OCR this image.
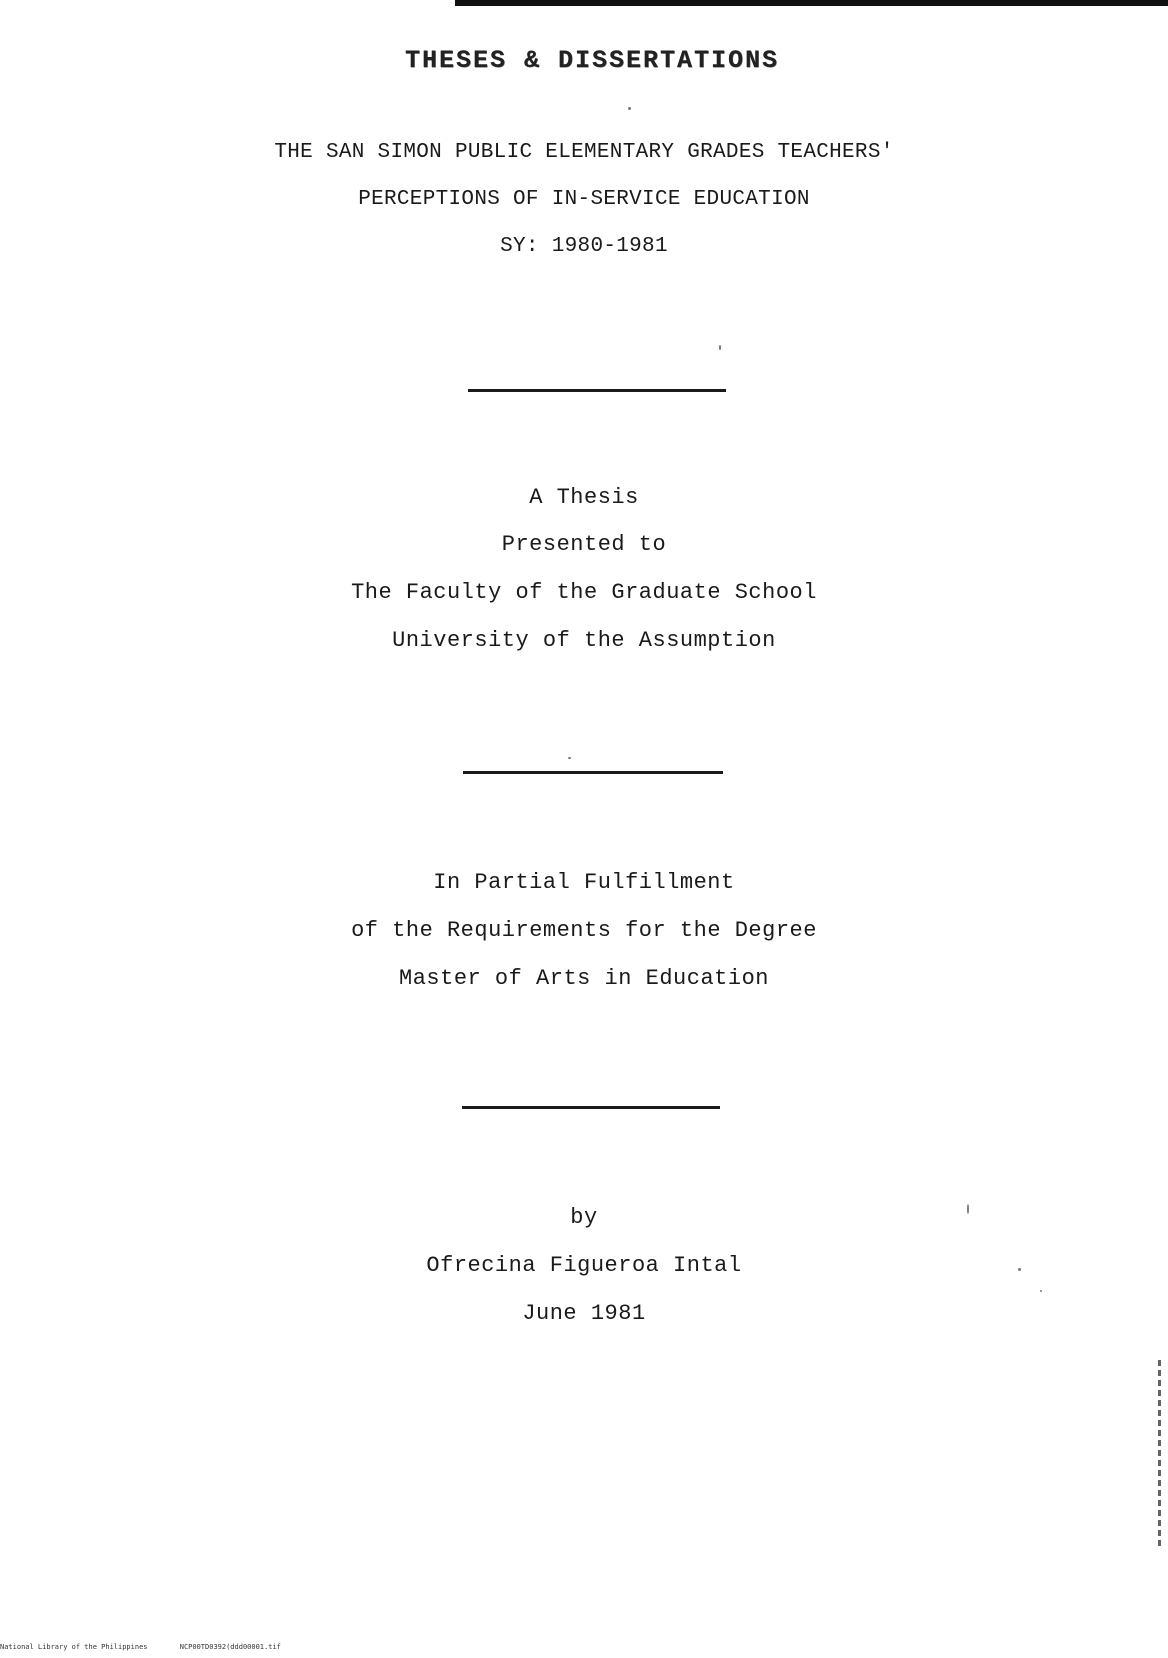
THESES & DISSERTATIONS
THE SAN SIMON PUBLIC ELEMENTARY GRADES TEACHERS'
PERCEPTIONS OF IN-SERVICE EDUCATION
SY: 1980-1981
A Thesis
Presented to
The Faculty of the Graduate School
University of the Assumption
In Partial Fulfillment
of the Requirements for the Degree
Master of Arts in Education
by
Ofrecina Figueroa Intal
June 1981
National Library of the Philippines	NCP00TD0392(ddd00001.tif
